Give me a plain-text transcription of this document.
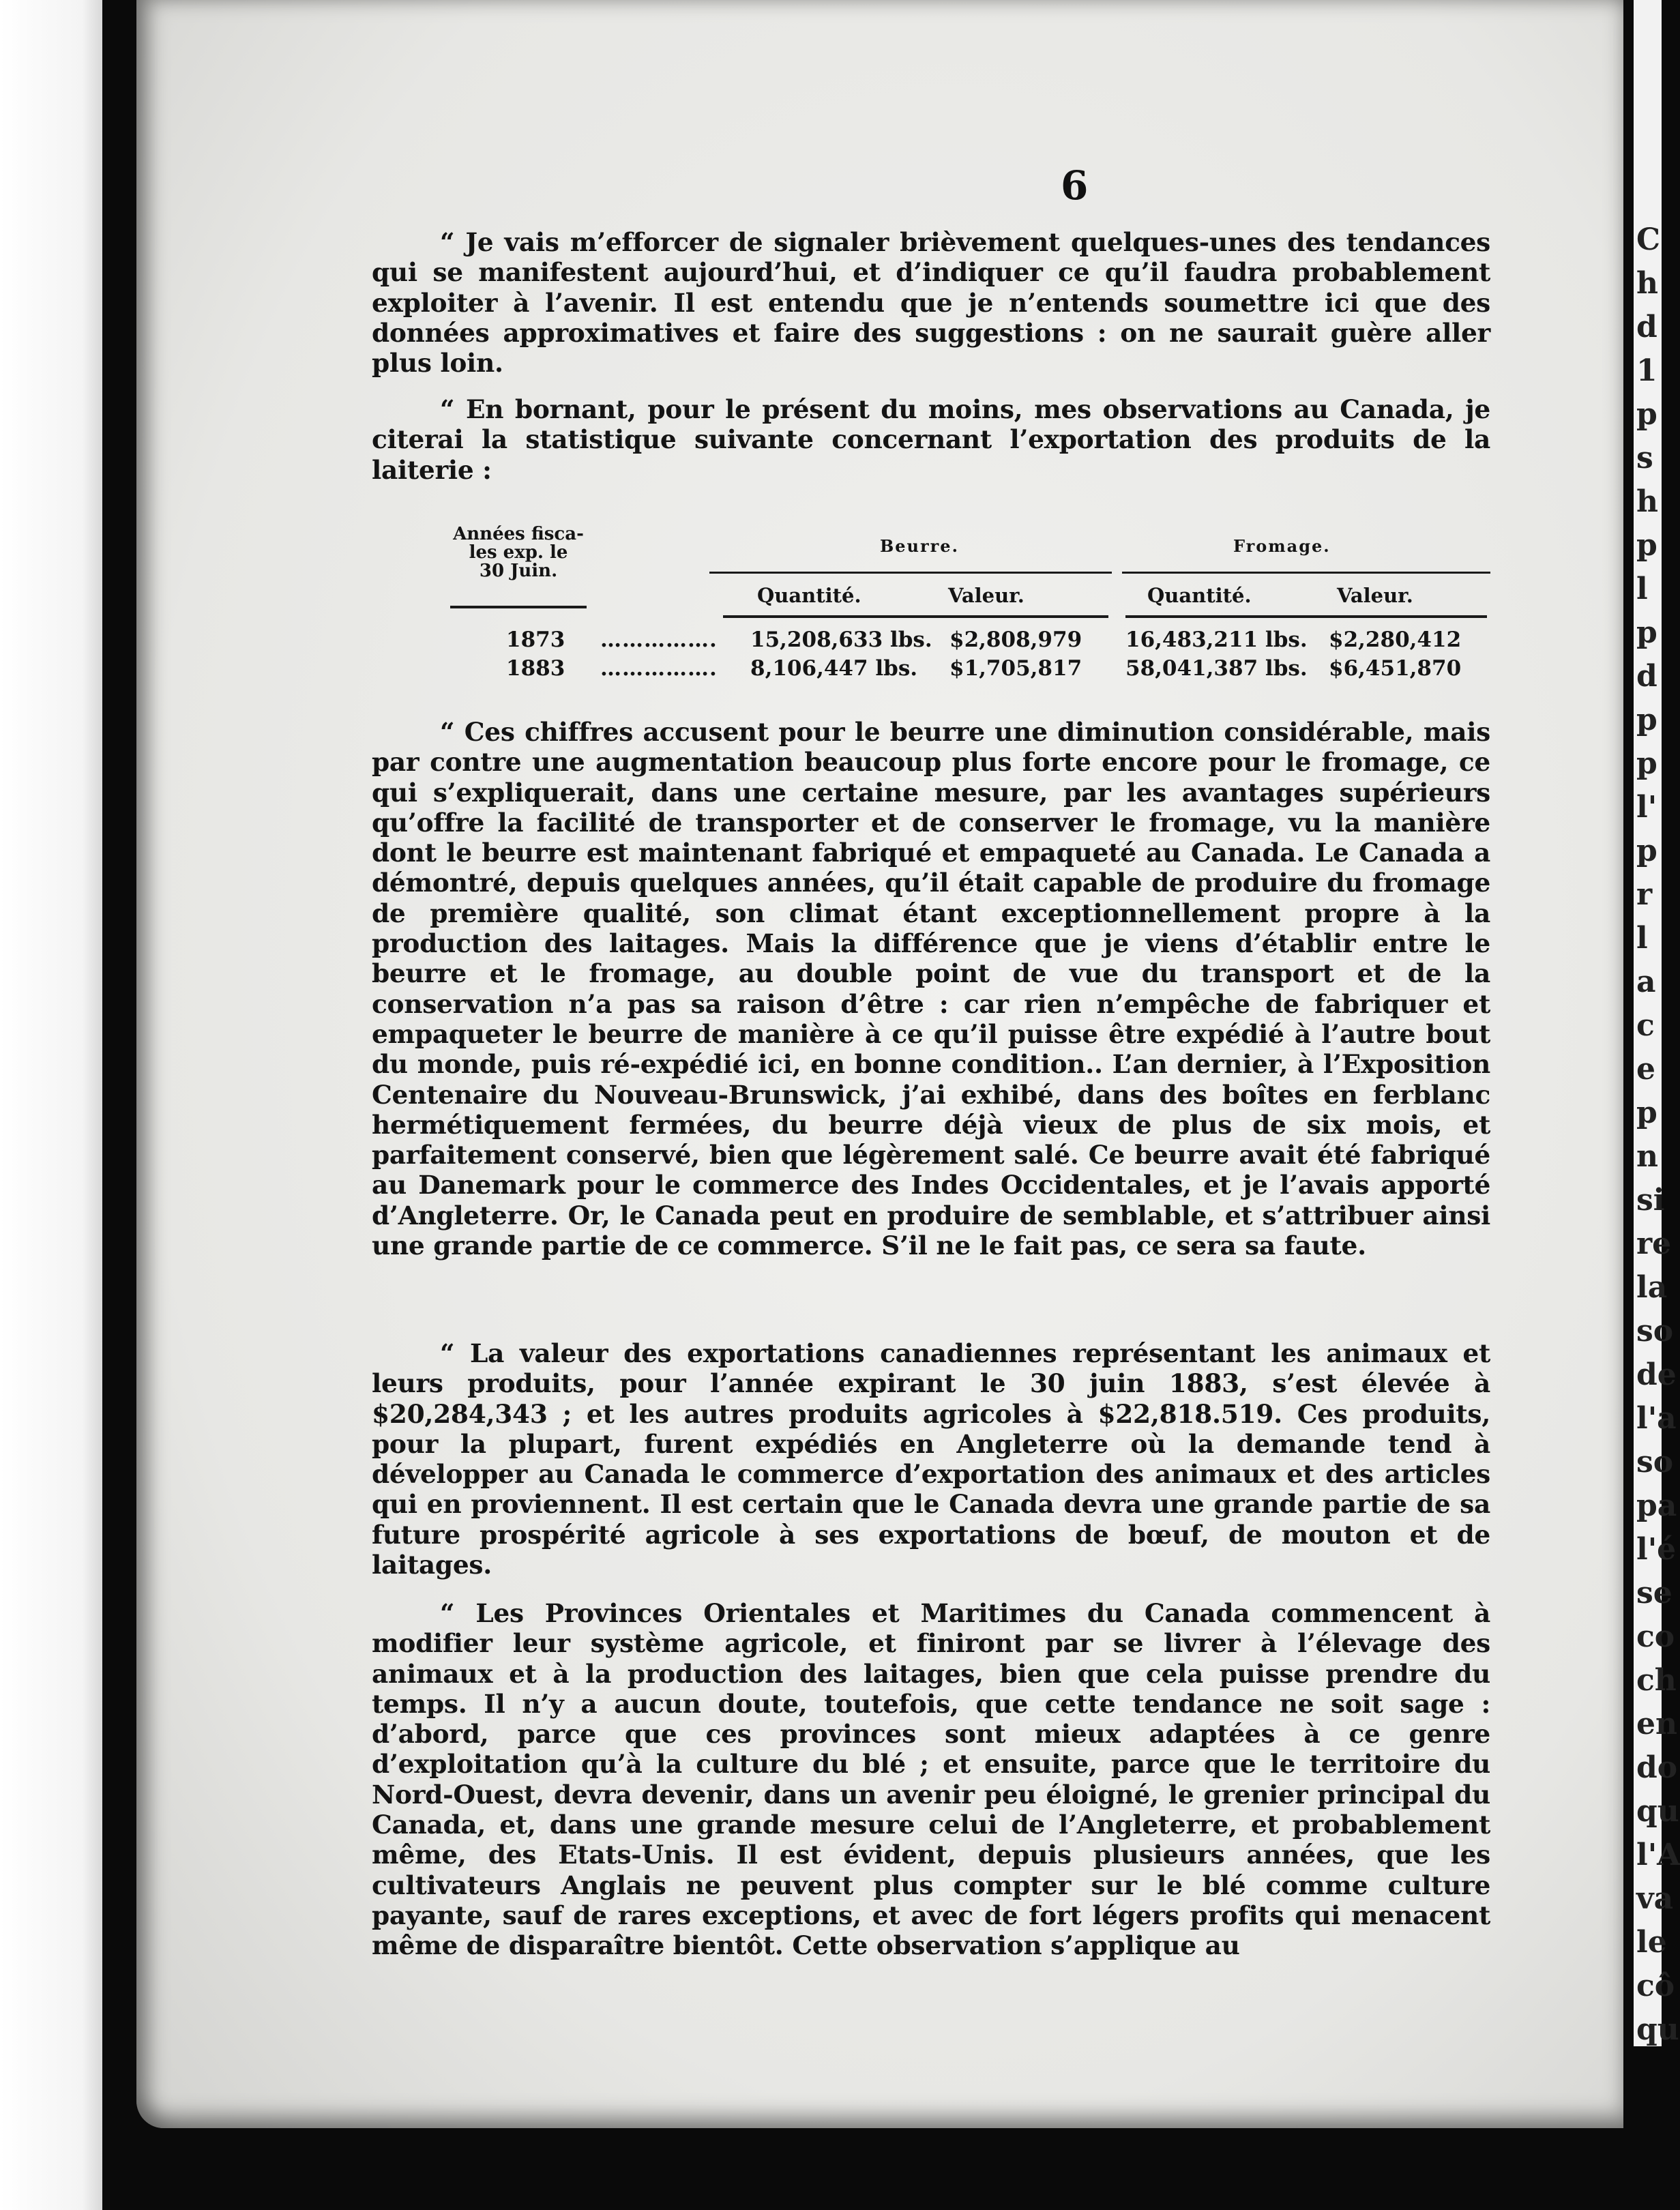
C
h
d
1
p
s
h
p
l
p
d
p
p
l'
p
r
l
a
c
e
p
n
si
re
la
so
de
l'a
so
pa
l'é
se
co
ch
en
do
qu
l'A
va
le
cô
qu
6

“ Je vais m’efforcer de signaler brièvement quelques-unes des tendances qui se manifestent aujourd’hui, et d’indiquer ce qu’il faudra probablement exploiter à l’avenir. Il est entendu que je n’entends soumettre ici que des données approximatives et faire des suggestions : on ne saurait guère aller plus loin.

“ En bornant, pour le présent du moins, mes observations au Canada, je citerai la statistique suivante concernant l’exportation des produits de la laiterie :

Années fisca-
les exp. le
30 Juin.
Beurre.	Fromage.
Quantité.	Valeur.	Quantité.	Valeur.
1873 ……………. 15,208,633 lbs. $2,808,979 16,483,211 lbs. $2,280,412
1883 ……………. 8,106,447 lbs. $1,705,817 58,041,387 lbs. $6,451,870

“ Ces chiffres accusent pour le beurre une diminution considérable, mais par contre une augmentation beaucoup plus forte encore pour le fromage, ce qui s’expliquerait, dans une certaine mesure, par les avantages supérieurs qu’offre la facilité de transporter et de conserver le fromage, vu la manière dont le beurre est maintenant fabriqué et empaqueté au Canada. Le Canada a démontré, depuis quelques années, qu’il était capable de produire du fromage de première qualité, son climat étant exceptionnellement propre à la production des laitages. Mais la différence que je viens d’établir entre le beurre et le fromage, au double point de vue du transport et de la conservation n’a pas sa raison d’être : car rien n’empêche de fabriquer et empaqueter le beurre de manière à ce qu’il puisse être expédié à l’autre bout du monde, puis ré-expédié ici, en bonne condition.. L’an dernier, à l’Exposition Centenaire du Nouveau-Brunswick, j’ai exhibé, dans des boîtes en ferblanc hermétiquement fermées, du beurre déjà vieux de plus de six mois, et parfaitement conservé, bien que légèrement salé. Ce beurre avait été fabriqué au Danemark pour le commerce des Indes Occidentales, et je l’avais apporté d’Angleterre. Or, le Canada peut en produire de semblable, et s’attribuer ainsi une grande partie de ce commerce. S’il ne le fait pas, ce sera sa faute.

“ La valeur des exportations canadiennes représentant les animaux et leurs produits, pour l’année expirant le 30 juin 1883, s’est élevée à $20,284,343 ; et les autres produits agricoles à $22,818.519. Ces produits, pour la plupart, furent expédiés en Angleterre où la demande tend à développer au Canada le commerce d’exportation des animaux et des articles qui en proviennent. Il est certain que le Canada devra une grande partie de sa future prospérité agricole à ses exportations de bœuf, de mouton et de laitages.

“ Les Provinces Orientales et Maritimes du Canada commencent à modifier leur système agricole, et finiront par se livrer à l’élevage des animaux et à la production des laitages, bien que cela puisse prendre du temps. Il n’y a aucun doute, toutefois, que cette tendance ne soit sage : d’abord, parce que ces provinces sont mieux adaptées à ce genre d’exploitation qu’à la culture du blé ; et ensuite, parce que le territoire du Nord-Ouest, devra devenir, dans un avenir peu éloigné, le grenier principal du Canada, et, dans une grande mesure celui de l’Angleterre, et probablement même, des Etats-Unis. Il est évident, depuis plusieurs années, que les cultivateurs Anglais ne peuvent plus compter sur le blé comme culture payante, sauf de rares exceptions, et avec de fort légers profits qui menacent même de disparaître bientôt. Cette observation s’applique au
